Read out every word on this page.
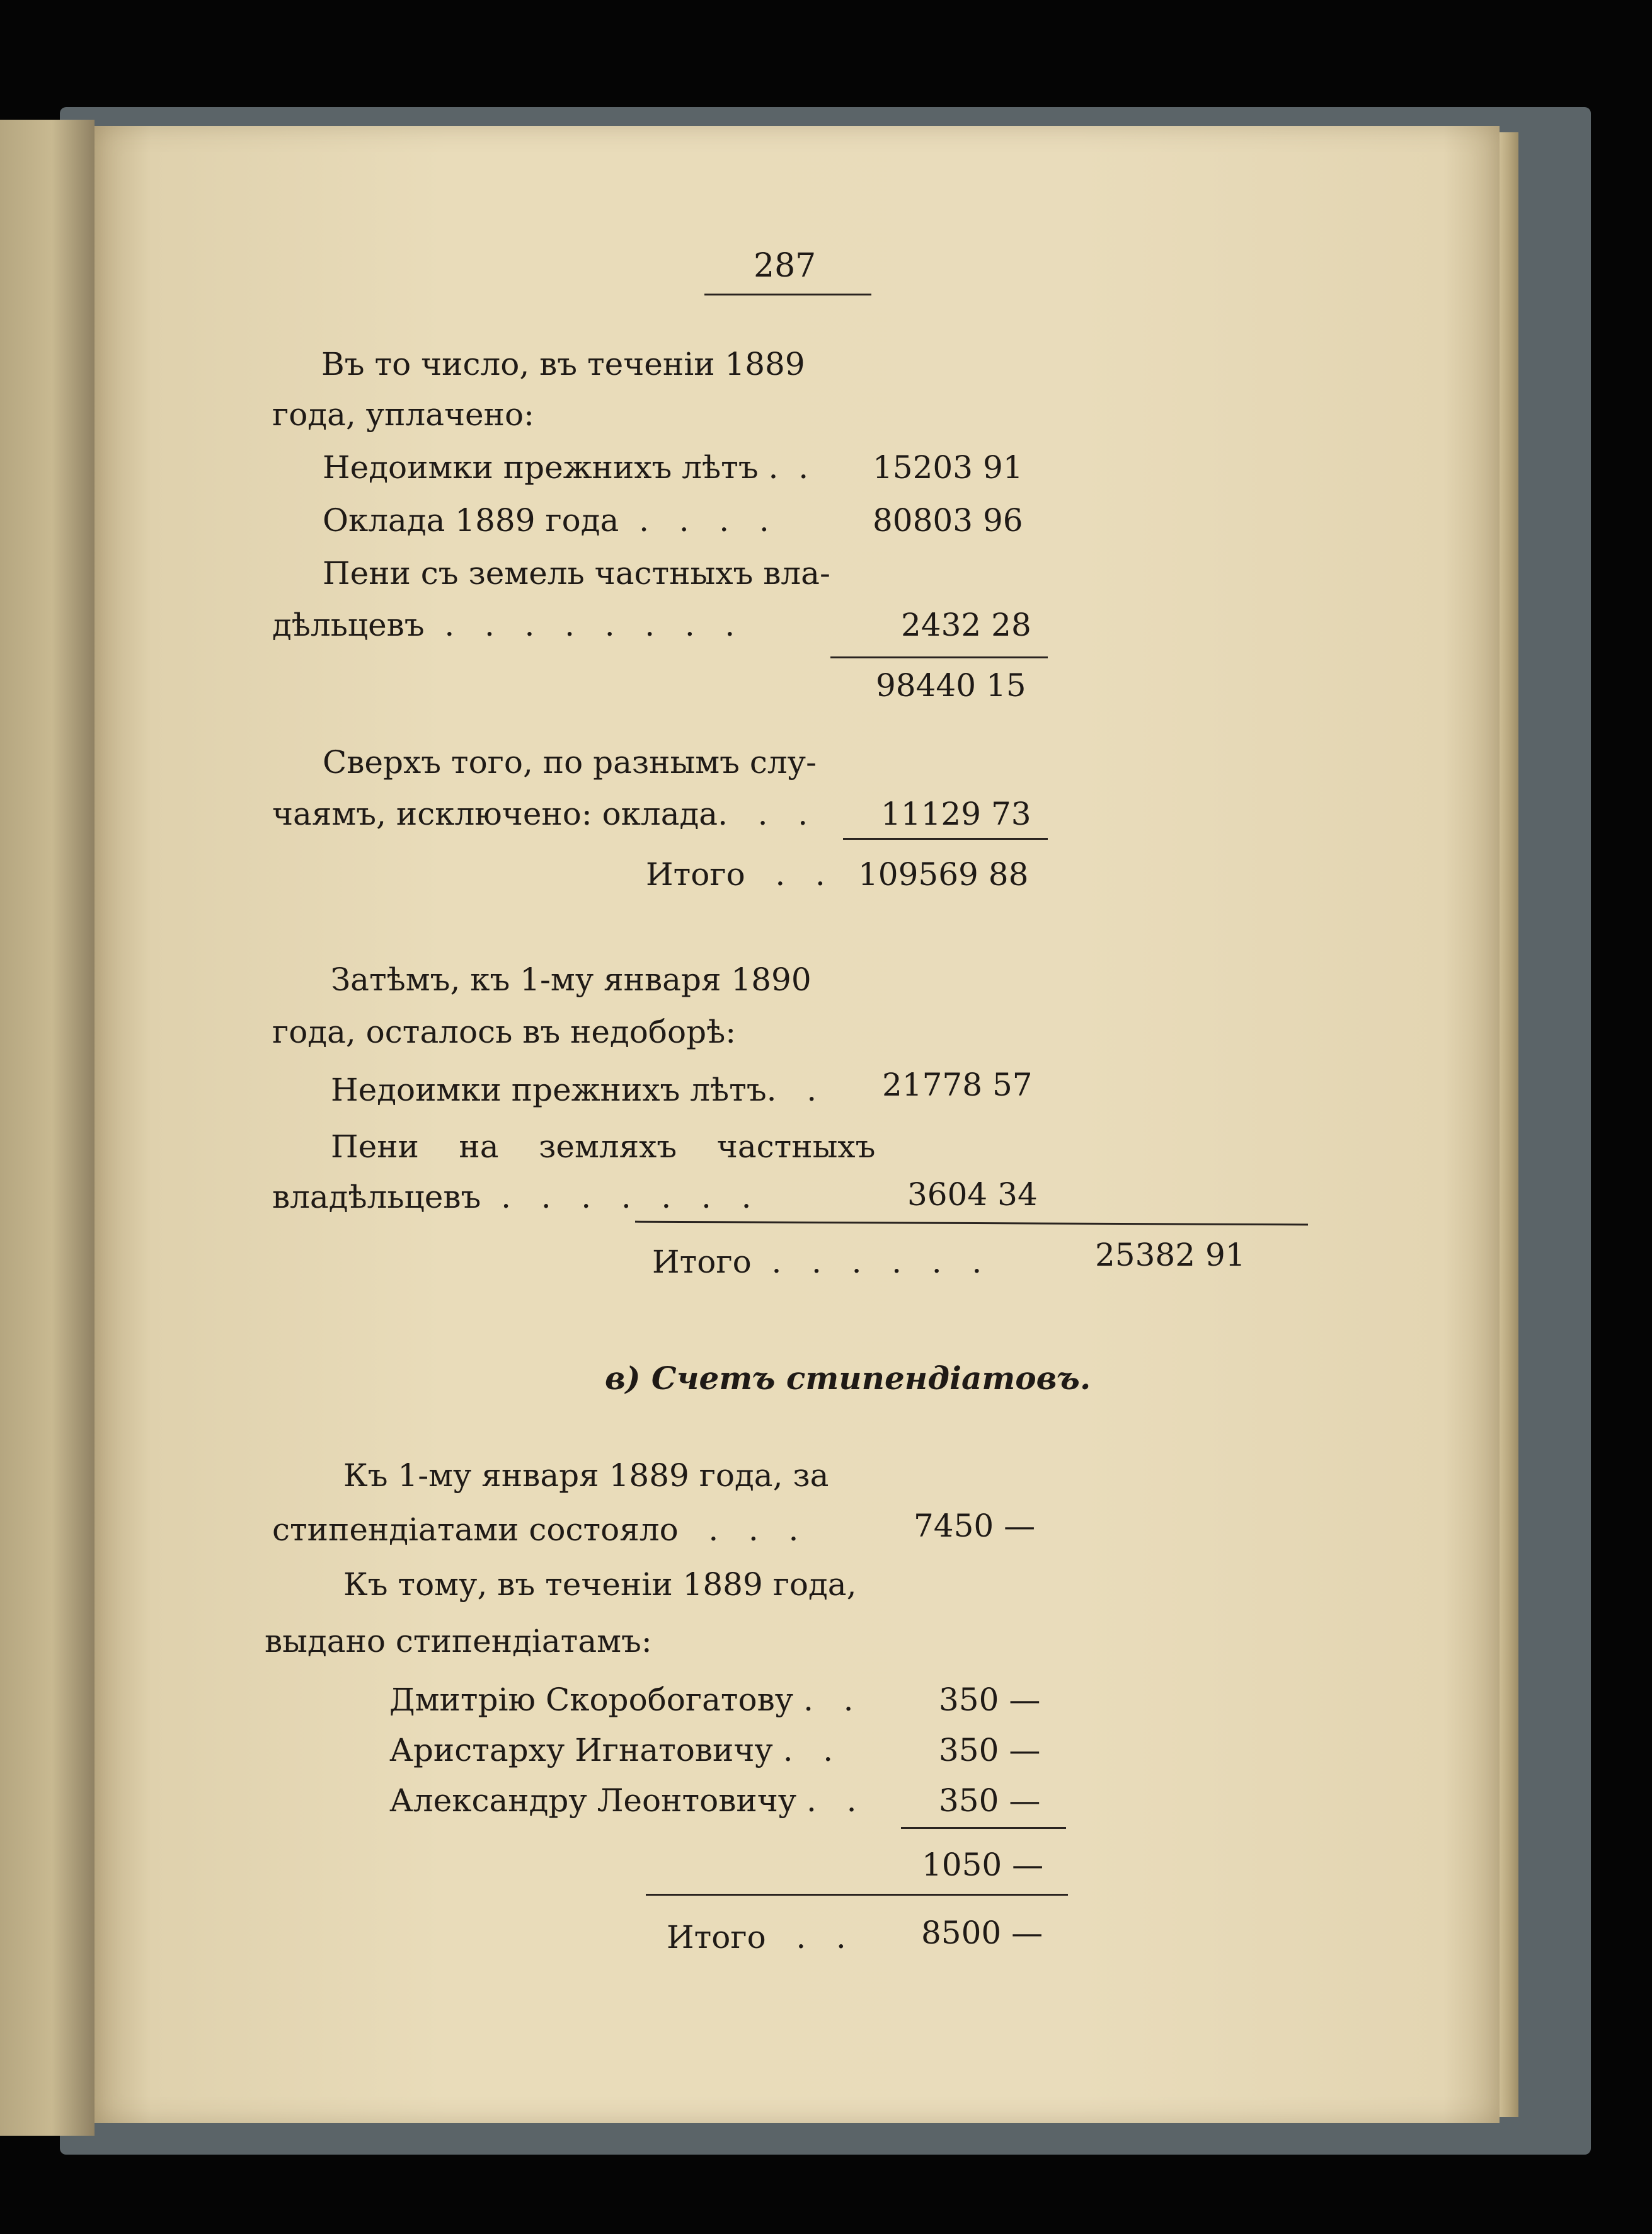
287
Въ то число, въ теченіи 1889
года, уплачено:
Недоимки прежнихъ лѣтъ .  . 15203 91
Оклада 1889 года  .   .   .   .	80803 96
Пени съ земель частныхъ вла-
дѣльцевъ  .   .   .   .   .   .   .   .	2432 28
98440 15
Сверхъ того, по разнымъ слу-
чаямъ, исключено: оклада.   .   . 11129 73
Итого   .   . 109569 88
Затѣмъ, къ 1-му января 1890
года, осталось въ недоборѣ:
Недоимки прежнихъ лѣтъ.   . 21778 57
Пени    на    земляхъ    частныхъ
владѣльцевъ  .   .   .   .   .   .   .	3604 34
Итого  .   .   .   .   .   .	25382 91
в) Счетъ стипендіатовъ.
Къ 1-му января 1889 года, за
стипендіатами состояло   .   .   .	7450 —
Къ тому, въ теченіи 1889 года,
выдано стипендіатамъ:
Дмитрію Скоробогатову .   .	350 —
Аристарху Игнатовичу .   .	350 —
Александру Леонтовичу .   .	350 —
1050 —
Итого   .   . 8500 —
